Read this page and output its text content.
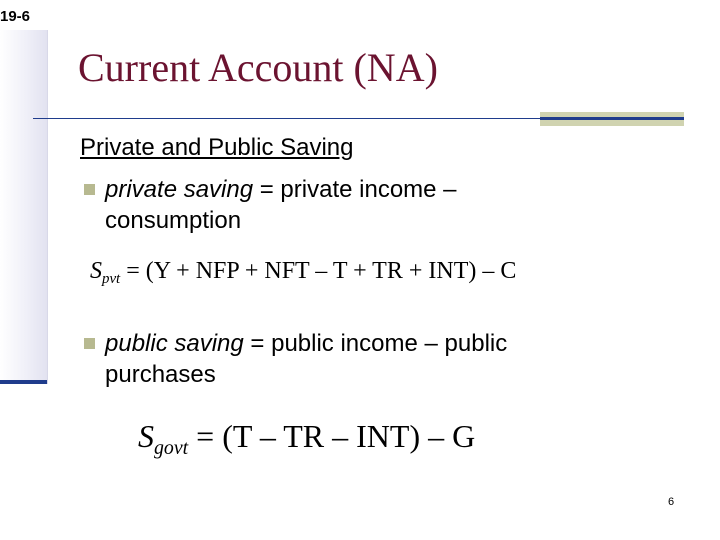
19-6
Current Account (NA)
Private and Public Saving
private saving = private income –
consumption
$S_{pvt} = (Y$ + NFP + NFT – T + TR + INT) – C
public saving = public income – public
purchases
$S_{govt} = (T$ – TR – INT) – G
6
